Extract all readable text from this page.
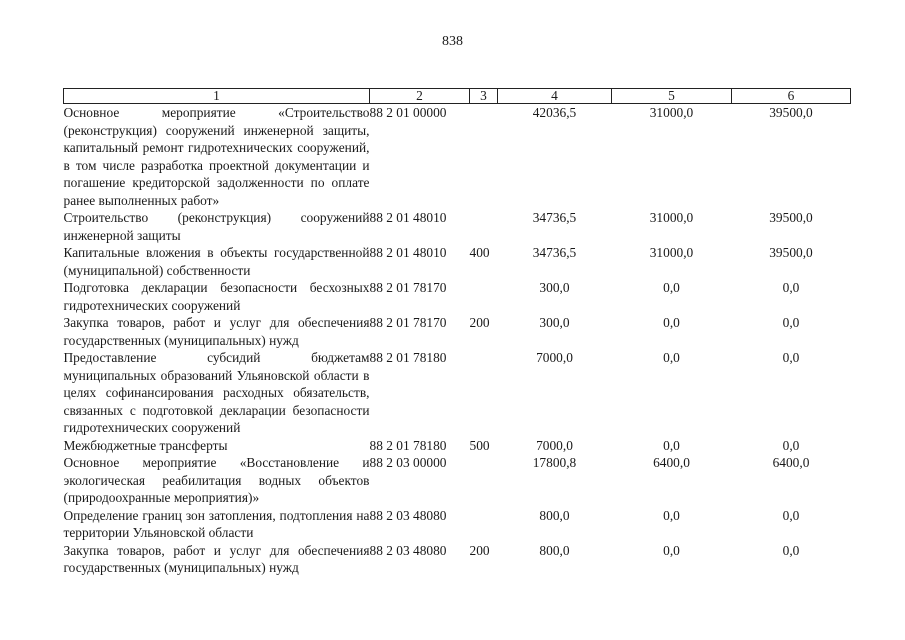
838
1	2	3	4	5	6
Основное мероприятие «Строительство (реконструкция) сооружений инженерной защиты, капитальный ремонт гидротехнических сооружений, в том числе разработка проектной документации и погашение кредиторской задолженности по оплате ранее выполненных работ»	88 2 01 00000		42036,5	31000,0	39500,0
Строительство (реконструкция) сооружений инженерной защиты	88 2 01 48010		34736,5	31000,0	39500,0
Капитальные вложения в объекты государственной (муниципальной) собственности	88 2 01 48010	400	34736,5	31000,0	39500,0
Подготовка декларации безопасности бесхозных гидротехнических сооружений	88 2 01 78170		300,0	0,0	0,0
Закупка товаров, работ и услуг для обеспечения государственных (муниципальных) нужд	88 2 01 78170	200	300,0	0,0	0,0
Предоставление субсидий бюджетам муниципальных образований Ульяновской области в целях софинансирования расходных обязательств, связанных с подготовкой декларации безопасности гидротехнических сооружений	88 2 01 78180		7000,0	0,0	0,0
Межбюджетные трансферты	88 2 01 78180	500	7000,0	0,0	0,0
Основное мероприятие «Восстановление и экологическая реабилитация водных объектов (природоохранные мероприятия)»	88 2 03 00000		17800,8	6400,0	6400,0
Определение границ зон затопления, подтопления на территории Ульяновской области	88 2 03 48080		800,0	0,0	0,0
Закупка товаров, работ и услуг для обеспечения государственных (муниципальных) нужд	88 2 03 48080	200	800,0	0,0	0,0
